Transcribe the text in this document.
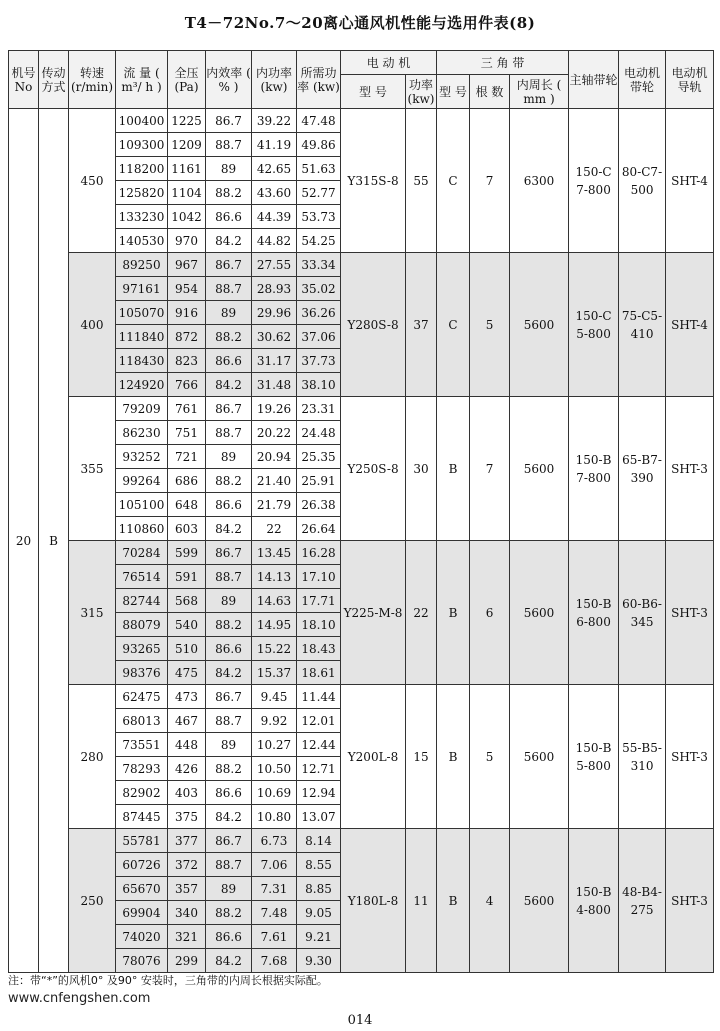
T4－72No.7～20离心通风机性能与选用件表(8)
机号 No	传动方式	转速 (r/min)	流 量 ( m³/ h )	全压 (Pa)	内效率 ( % )	内功率 (kw)	所需功率 (kw)	电 动 机		三 角 带			主轴带轮	电动机带轮	电动机导轨
								型 号	功率 (kw)	型 号	根 数	内周长 ( mm )			
20	B	450	100400	1225	86.7	39.22	47.48	Y315S-8	55	C	7	6300	150-C 7-800	80-C7- 500	SHT-4
			109300	1209	88.7	41.19	49.86								
			118200	1161	89	42.65	51.63								
			125820	1104	88.2	43.60	52.77								
			133230	1042	86.6	44.39	53.73								
			140530	970	84.2	44.82	54.25								
		400	89250	967	86.7	27.55	33.34	Y280S-8	37	C	5	5600	150-C 5-800	75-C5- 410	SHT-4
			97161	954	88.7	28.93	35.02								
			105070	916	89	29.96	36.26								
			111840	872	88.2	30.62	37.06								
			118430	823	86.6	31.17	37.73								
			124920	766	84.2	31.48	38.10								
		355	79209	761	86.7	19.26	23.31	Y250S-8	30	B	7	5600	150-B 7-800	65-B7- 390	SHT-3
			86230	751	88.7	20.22	24.48								
			93252	721	89	20.94	25.35								
			99264	686	88.2	21.40	25.91								
			105100	648	86.6	21.79	26.38								
			110860	603	84.2	22	26.64								
		315	70284	599	86.7	13.45	16.28	Y225-M-8	22	B	6	5600	150-B 6-800	60-B6- 345	SHT-3
			76514	591	88.7	14.13	17.10								
			82744	568	89	14.63	17.71								
			88079	540	88.2	14.95	18.10								
			93265	510	86.6	15.22	18.43								
			98376	475	84.2	15.37	18.61								
		280	62475	473	86.7	9.45	11.44	Y200L-8	15	B	5	5600	150-B 5-800	55-B5- 310	SHT-3
			68013	467	88.7	9.92	12.01								
			73551	448	89	10.27	12.44								
			78293	426	88.2	10.50	12.71								
			82902	403	86.6	10.69	12.94								
			87445	375	84.2	10.80	13.07								
		250	55781	377	86.7	6.73	8.14	Y180L-8	11	B	4	5600	150-B 4-800	48-B4- 275	SHT-3
			60726	372	88.7	7.06	8.55								
			65670	357	89	7.31	8.85								
			69904	340	88.2	7.48	9.05								
			74020	321	86.6	7.61	9.21								
			78076	299	84.2	7.68	9.30								
注：带“*”的风机0° 及90° 安装时，三角带的内周长根据实际配。
www.cnfengshen.com
014
